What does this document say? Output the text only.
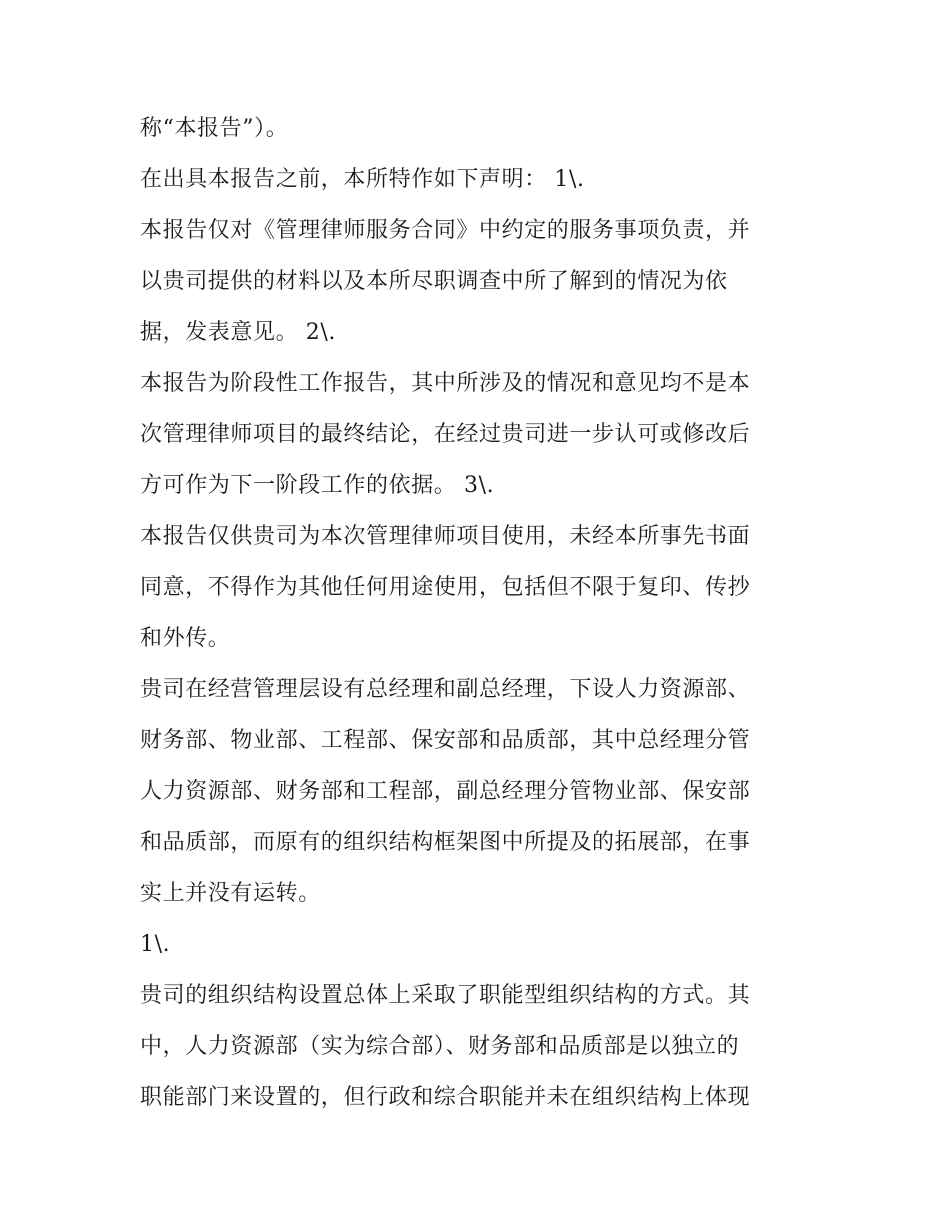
称“本报告”）。
在出具本报告之前，本所特作如下声明： 1\.
本报告仅对《管理律师服务合同》中约定的服务事项负责，并
以贵司提供的材料以及本所尽职调查中所了解到的情况为依
据，发表意见。 2\.
本报告为阶段性工作报告，其中所涉及的情况和意见均不是本
次管理律师项目的最终结论，在经过贵司进一步认可或修改后
方可作为下一阶段工作的依据。 3\.
本报告仅供贵司为本次管理律师项目使用，未经本所事先书面
同意，不得作为其他任何用途使用，包括但不限于复印、传抄
和外传。
贵司在经营管理层设有总经理和副总经理，下设人力资源部、
财务部、物业部、工程部、保安部和品质部，其中总经理分管
人力资源部、财务部和工程部，副总经理分管物业部、保安部
和品质部，而原有的组织结构框架图中所提及的拓展部，在事
实上并没有运转。
1\.
贵司的组织结构设置总体上采取了职能型组织结构的方式。其
中，人力资源部（实为综合部）、财务部和品质部是以独立的
职能部门来设置的，但行政和综合职能并未在组织结构上体现
